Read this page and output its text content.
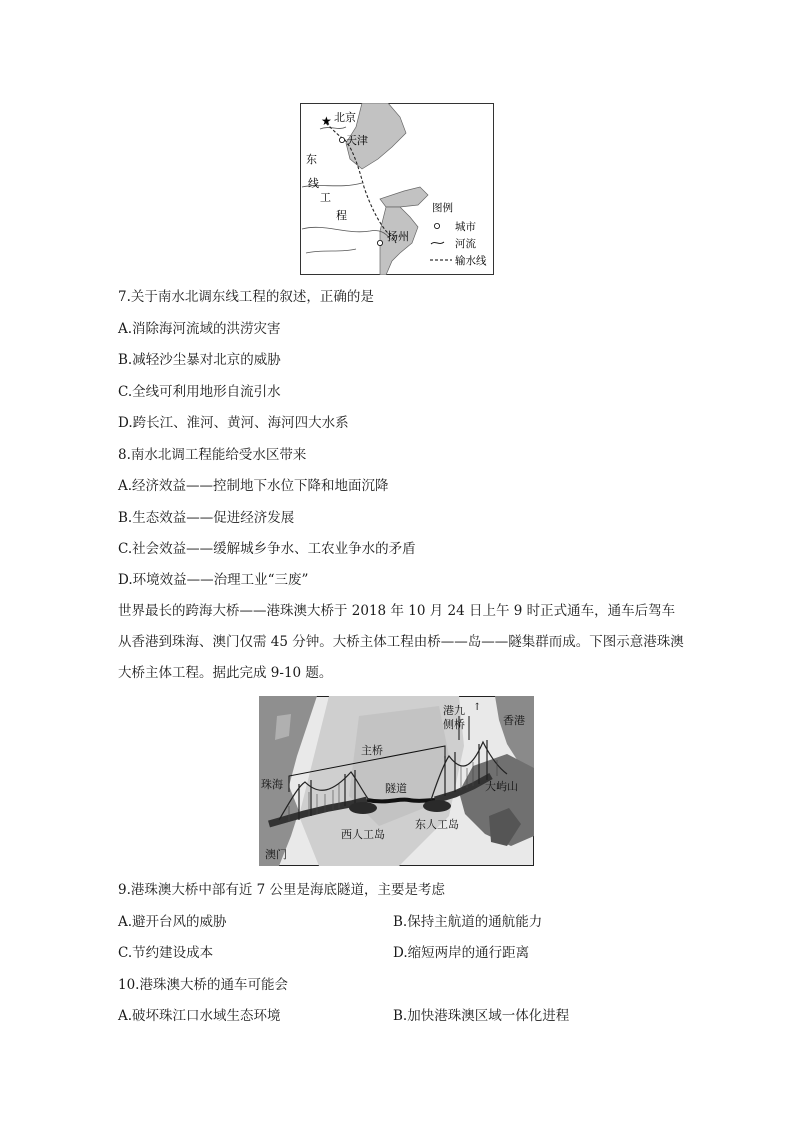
★ 北京
天津
扬州
东
线
工
程
图例
城市
河流
输水线
7.关于南水北调东线工程的叙述，正确的是
A.消除海河流域的洪涝灾害
B.减轻沙尘暴对北京的威胁
C.全线可利用地形自流引水
D.跨长江、淮河、黄河、海河四大水系
8.南水北调工程能给受水区带来
A.经济效益——控制地下水位下降和地面沉降
B.生态效益——促进经济发展
C.社会效益——缓解城乡争水、工农业争水的矛盾
D.环境效益——治理工业“三废”
世界最长的跨海大桥——港珠澳大桥于 2018 年 10 月 24 日上午 9 时正式通车，通车后驾车从香港到珠海、澳门仅需 45 分钟。大桥主体工程由桥——岛——隧集群而成。下图示意港珠澳大桥主体工程。据此完成 9-10 题。
↑
主桥
港九
侧桥	香港
珠海	隧道	大屿山
东人工岛
西人工岛
澳门
9.港珠澳大桥中部有近 7 公里是海底隧道，主要是考虑
A.避开台风的威胁	B.保持主航道的通航能力
C.节约建设成本	D.缩短两岸的通行距离
10.港珠澳大桥的通车可能会
A.破坏珠江口水域生态环境	B.加快港珠澳区域一体化进程
